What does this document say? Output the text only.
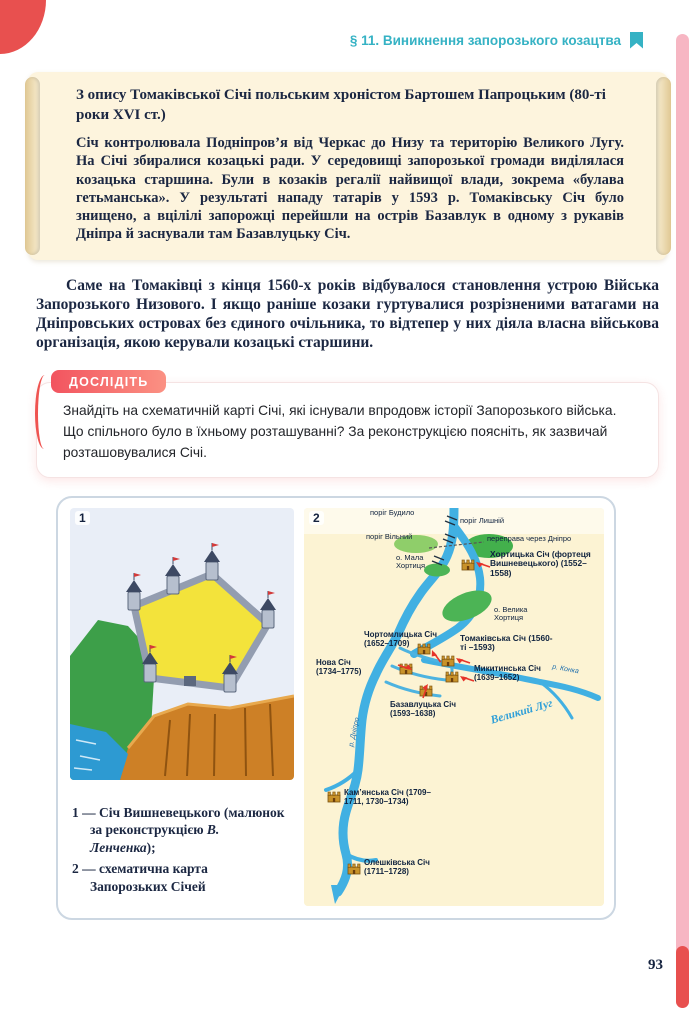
§ 11. Виникнення запорозького козацтва
З опису Томаківської Січі польським хроністом Бартошем Папроцьким (80-ті роки XVI ст.)
Січ контролювала Подніпров’я від Черкас до Низу та територію Великого Лугу. На Січі збиралися козацькі ради. У середовищі запорозької громади виділялася козацька старшина. Були в козаків регалії найвищої влади, зокрема «булава гетьманська». У результаті нападу татарів у 1593 р. Томаківську Січ було знищено, а вцілілі запорожці перейшли на острів Базавлук в одному з рукавів Дніпра й заснували там Базавлуцьку Січ.

Саме на Томаківці з кінця 1560-х років відбувалося становлення устрою Війська Запорозького Низового. І якщо раніше козаки гуртувалися розрізненими ватагами на Дніпровських островах без єдиного очільника, то відтепер у них діяла власна військова організація, якою керували козацькі старшини.

ДОСЛІДІТЬ
Знайдіть на схематичній карті Січі, які існували впродовж історії Запорозького війська. Що спільного було в їхньому розташуванні? За реконструкцією поясніть, як зазвичай розташовувалися Січі.
1	2	поріг Будило
поріг Лишній
переправа через Дніпро
поріг Вільний
о. Мала Хортиця
Хортицька Січ (фортеця Вишневецького) (1552–1558)
о. Велика Хортиця
Чортомлицька Січ (1652–1709)
Томаківська Січ (1560-ті –1593)
Нова Січ (1734–1775)	Микитинська Січ (1639–1652)
Базавлуцька Січ (1593–1638)	Великий Луг
Кам’янська Січ (1709–1711, 1730–1734)
Олешківська Січ (1711–1728)
р. Дніпро
р. Конка
1 — Січ Вишневецького (малюнок за реконструкцією В. Ленченка);
2 — схематична карта Запорозьких Січей
93
